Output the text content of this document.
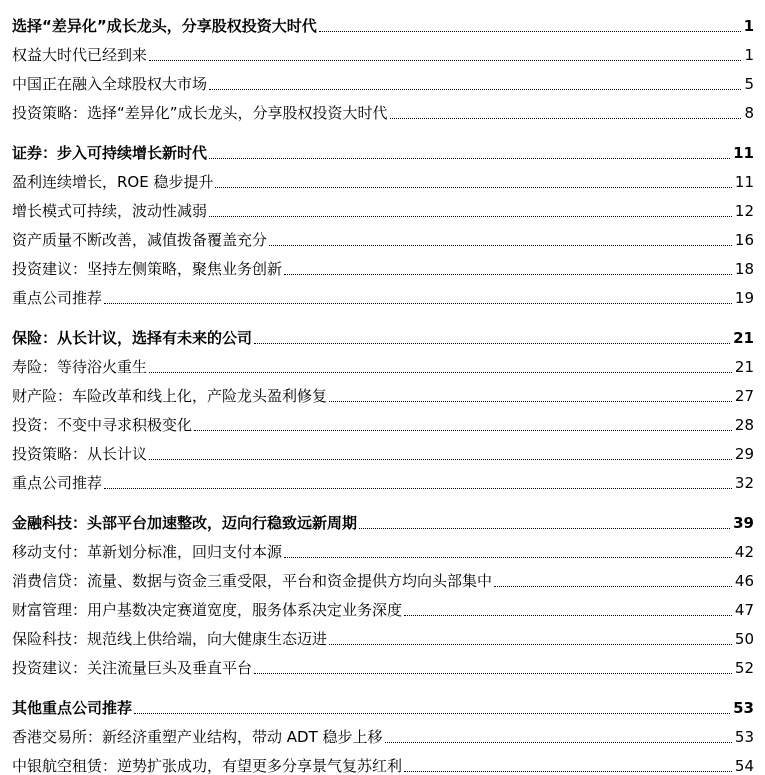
选择“差异化”成长龙头，分享股权投资大时代	1
权益大时代已经到来	1
中国正在融入全球股权大市场	5
投资策略：选择“差异化”成长龙头，分享股权投资大时代	8
证券：步入可持续增长新时代	11
盈利连续增长，ROE 稳步提升	11
增长模式可持续，波动性减弱	12
资产质量不断改善，减值拨备覆盖充分	16
投资建议：坚持左侧策略，聚焦业务创新	18
重点公司推荐	19
保险：从长计议，选择有未来的公司	21
寿险：等待浴火重生	21
财产险：车险改革和线上化，产险龙头盈利修复	27
投资：不变中寻求积极变化	28
投资策略：从长计议	29
重点公司推荐	32
金融科技：头部平台加速整改，迈向行稳致远新周期	39
移动支付：革新划分标准，回归支付本源	42
消费信贷：流量、数据与资金三重受限，平台和资金提供方均向头部集中	46
财富管理：用户基数决定赛道宽度，服务体系决定业务深度	47
保险科技：规范线上供给端，向大健康生态迈进	50
投资建议：关注流量巨头及垂直平台	52
其他重点公司推荐	53
香港交易所：新经济重塑产业结构，带动 ADT 稳步上移	53
中银航空租赁：逆势扩张成功，有望更多分享景气复苏红利	54
